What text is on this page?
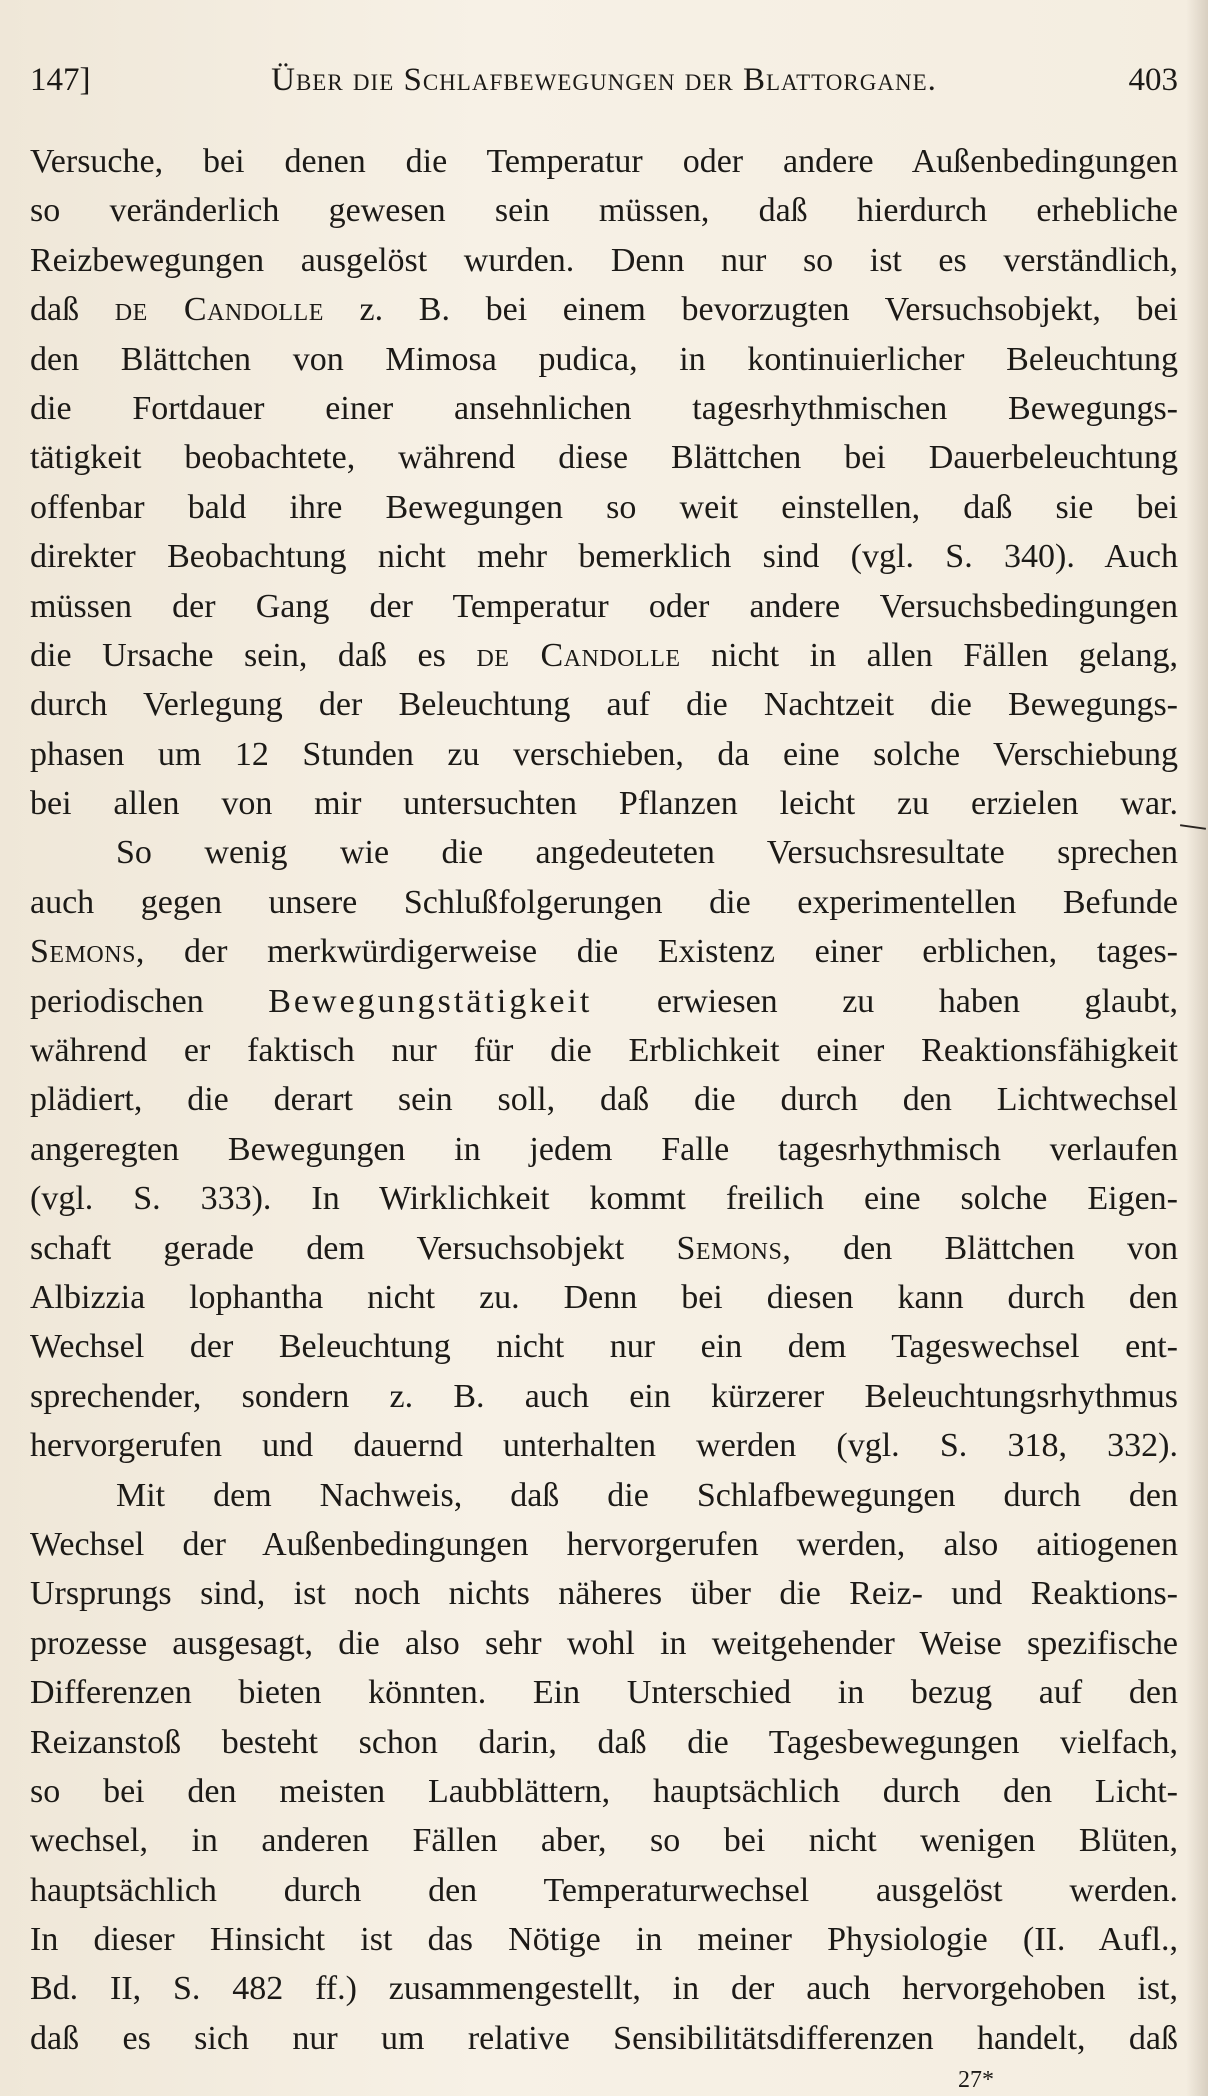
147]	Über die Schlafbewegungen der Blattorgane.	403
Versuche, bei denen die Temperatur oder andere Außenbedingungen
so veränderlich gewesen sein müssen, daß hierdurch erhebliche
Reizbewegungen ausgelöst wurden. Denn nur so ist es verständlich,
daß de Candolle z. B. bei einem bevorzugten Versuchsobjekt, bei
den Blättchen von Mimosa pudica, in kontinuierlicher Beleuchtung
die Fortdauer einer ansehnlichen tagesrhythmischen Bewegungs-
tätigkeit beobachtete, während diese Blättchen bei Dauerbeleuchtung
offenbar bald ihre Bewegungen so weit einstellen, daß sie bei
direkter Beobachtung nicht mehr bemerklich sind (vgl. S. 340). Auch
müssen der Gang der Temperatur oder andere Versuchsbedingungen
die Ursache sein, daß es de Candolle nicht in allen Fällen gelang,
durch Verlegung der Beleuchtung auf die Nachtzeit die Bewegungs-
phasen um 12 Stunden zu verschieben, da eine solche Verschiebung
bei allen von mir untersuchten Pflanzen leicht zu erzielen war.
So wenig wie die angedeuteten Versuchsresultate sprechen
auch gegen unsere Schlußfolgerungen die experimentellen Befunde
Semons, der merkwürdigerweise die Existenz einer erblichen, tages-
periodischen Bewegungstätigkeit erwiesen zu haben glaubt,
während er faktisch nur für die Erblichkeit einer Reaktionsfähigkeit
plädiert, die derart sein soll, daß die durch den Lichtwechsel
angeregten Bewegungen in jedem Falle tagesrhythmisch verlaufen
(vgl. S. 333). In Wirklichkeit kommt freilich eine solche Eigen-
schaft gerade dem Versuchsobjekt Semons, den Blättchen von
Albizzia lophantha nicht zu. Denn bei diesen kann durch den
Wechsel der Beleuchtung nicht nur ein dem Tageswechsel ent-
sprechender, sondern z. B. auch ein kürzerer Beleuchtungsrhythmus
hervorgerufen und dauernd unterhalten werden (vgl. S. 318, 332).
Mit dem Nachweis, daß die Schlafbewegungen durch den
Wechsel der Außenbedingungen hervorgerufen werden, also aitiogenen
Ursprungs sind, ist noch nichts näheres über die Reiz- und Reaktions-
prozesse ausgesagt, die also sehr wohl in weitgehender Weise spezifische
Differenzen bieten könnten. Ein Unterschied in bezug auf den
Reizanstoß besteht schon darin, daß die Tagesbewegungen vielfach,
so bei den meisten Laubblättern, hauptsächlich durch den Licht-
wechsel, in anderen Fällen aber, so bei nicht wenigen Blüten,
hauptsächlich durch den Temperaturwechsel ausgelöst werden.
In dieser Hinsicht ist das Nötige in meiner Physiologie (II. Aufl.,
Bd. II, S. 482 ff.) zusammengestellt, in der auch hervorgehoben ist,
daß es sich nur um relative Sensibilitätsdifferenzen handelt, daß
27*
